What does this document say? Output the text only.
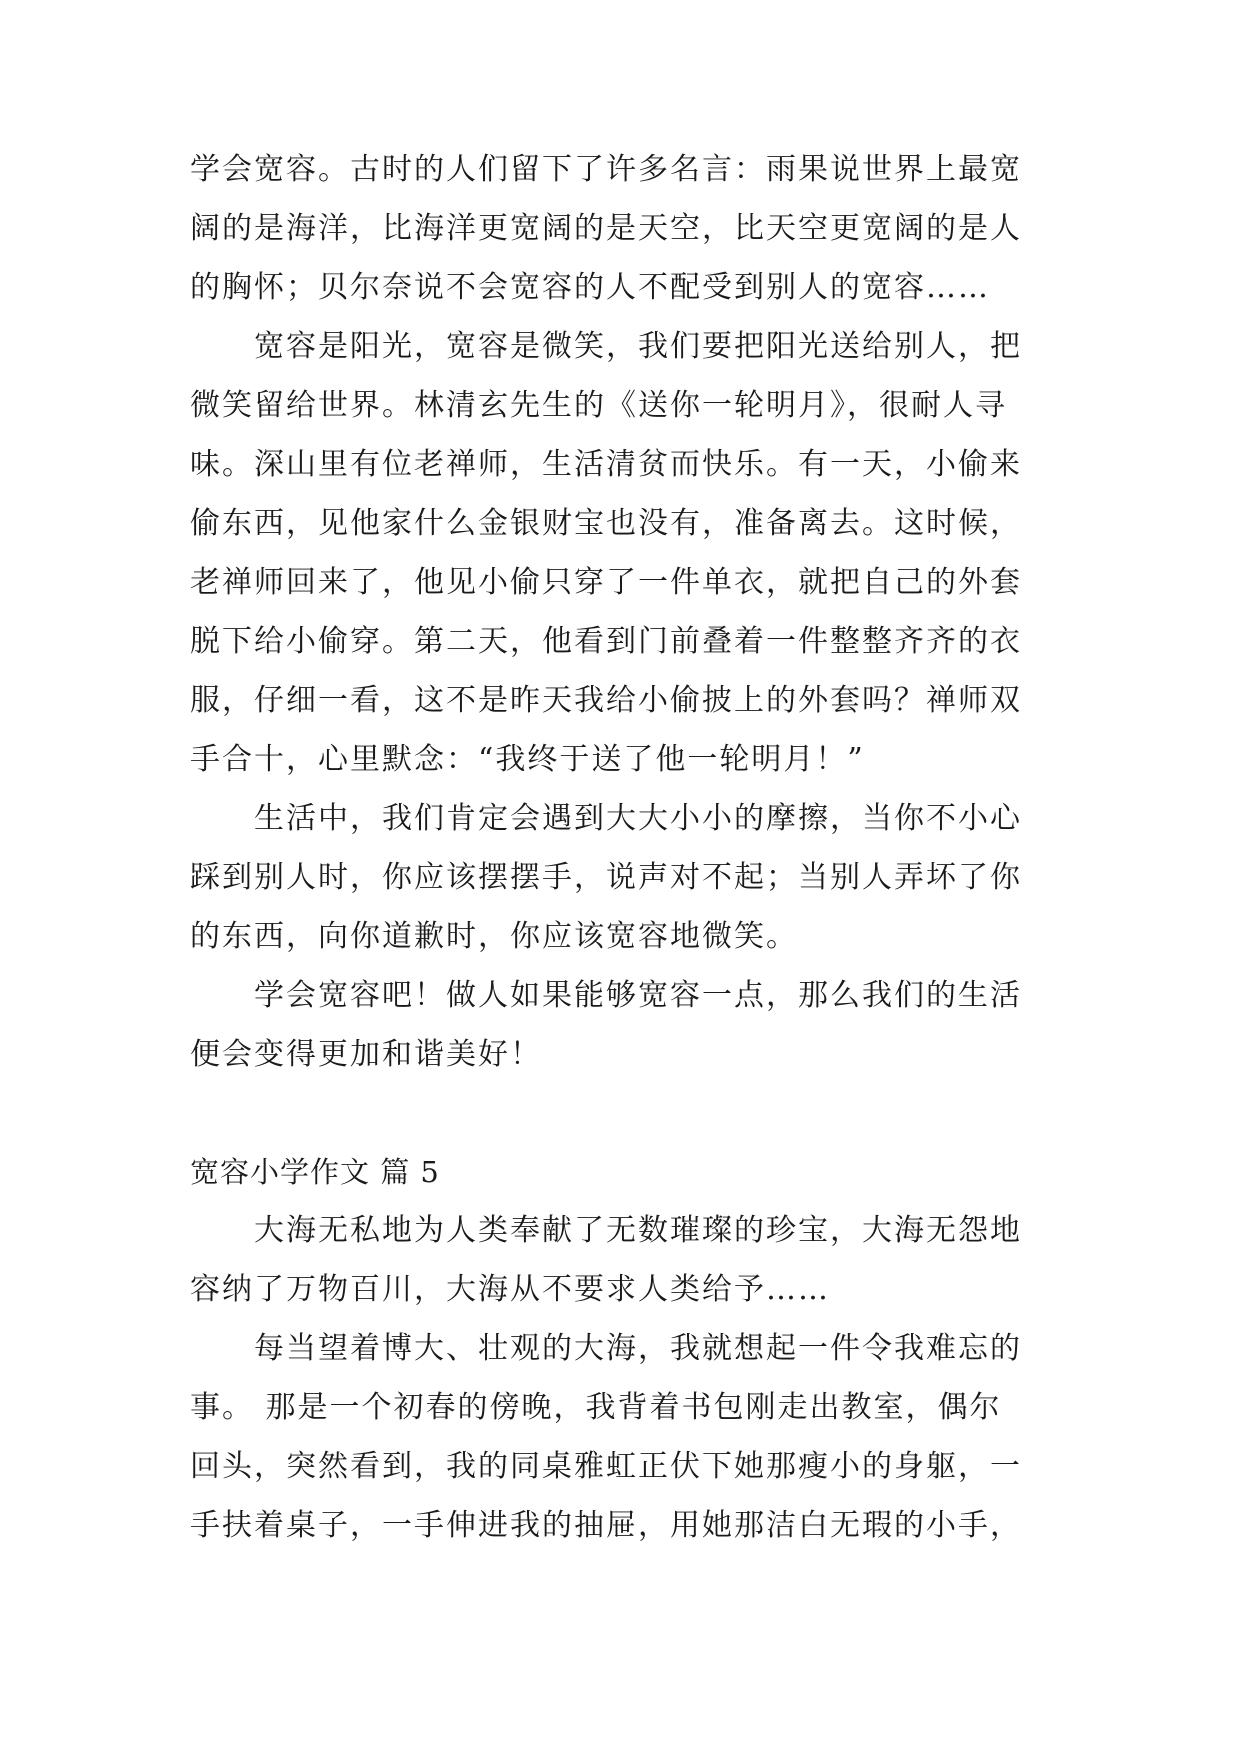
学会宽容。古时的人们留下了许多名言：雨果说世界上最宽
阔的是海洋，比海洋更宽阔的是天空，比天空更宽阔的是人
的胸怀；贝尔奈说不会宽容的人不配受到别人的宽容……
宽容是阳光，宽容是微笑，我们要把阳光送给别人，把
微笑留给世界。林清玄先生的《送你一轮明月》，很耐人寻
味。深山里有位老禅师，生活清贫而快乐。有一天，小偷来
偷东西，见他家什么金银财宝也没有，准备离去。这时候，
老禅师回来了，他见小偷只穿了一件单衣，就把自己的外套
脱下给小偷穿。第二天，他看到门前叠着一件整整齐齐的衣
服，仔细一看，这不是昨天我给小偷披上的外套吗？禅师双
手合十，心里默念：“我终于送了他一轮明月！”
生活中，我们肯定会遇到大大小小的摩擦，当你不小心
踩到别人时，你应该摆摆手，说声对不起；当别人弄坏了你
的东西，向你道歉时，你应该宽容地微笑。
学会宽容吧！做人如果能够宽容一点，那么我们的生活
便会变得更加和谐美好！
宽容小学作文 篇 5
大海无私地为人类奉献了无数璀璨的珍宝，大海无怨地
容纳了万物百川，大海从不要求人类给予……
每当望着博大、壮观的大海，我就想起一件令我难忘的
事。 那是一个初春的傍晚，我背着书包刚走出教室，偶尔
回头，突然看到，我的同桌雅虹正伏下她那瘦小的身躯，一
手扶着桌子，一手伸进我的抽屉，用她那洁白无瑕的小手，
